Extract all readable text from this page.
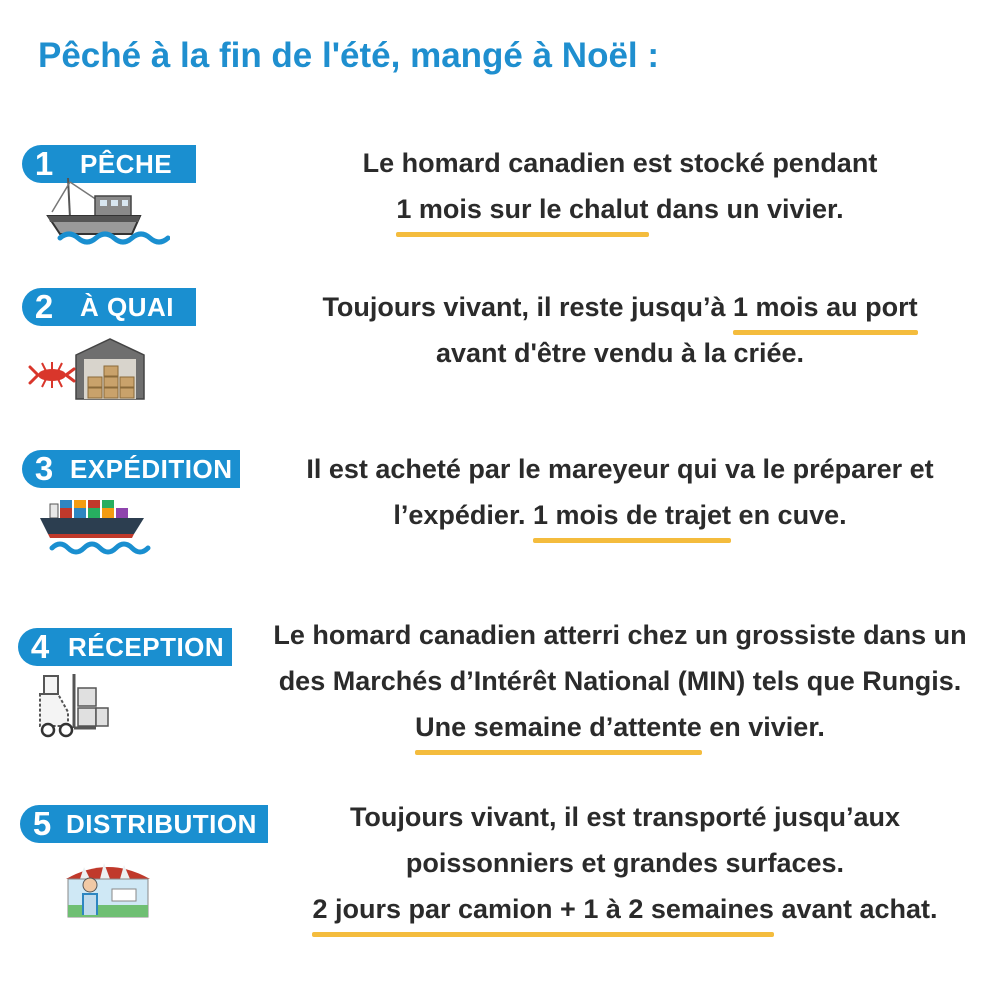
Pêché à la fin de l'été, mangé à Noël :
1	PÊCHE	Le homard canadien est stocké pendant
1 mois sur le chalut dans un vivier.
2	À QUAI	Toujours vivant, il reste jusqu’à 1 mois au port
avant d'être vendu à la criée.
3 EXPÉDITION	Il est acheté par le mareyeur qui va le préparer et
l’expédier. 1 mois de trajet en cuve.
4 RÉCEPTION	Le homard canadien atterri chez un grossiste dans un
des Marchés d’Intérêt National (MIN) tels que Rungis.
Une semaine d’attente en vivier.
5 DISTRIBUTION	Toujours vivant, il est transporté jusqu’aux
poissonniers et grandes surfaces.
2 jours par camion + 1 à 2 semaines avant achat.
